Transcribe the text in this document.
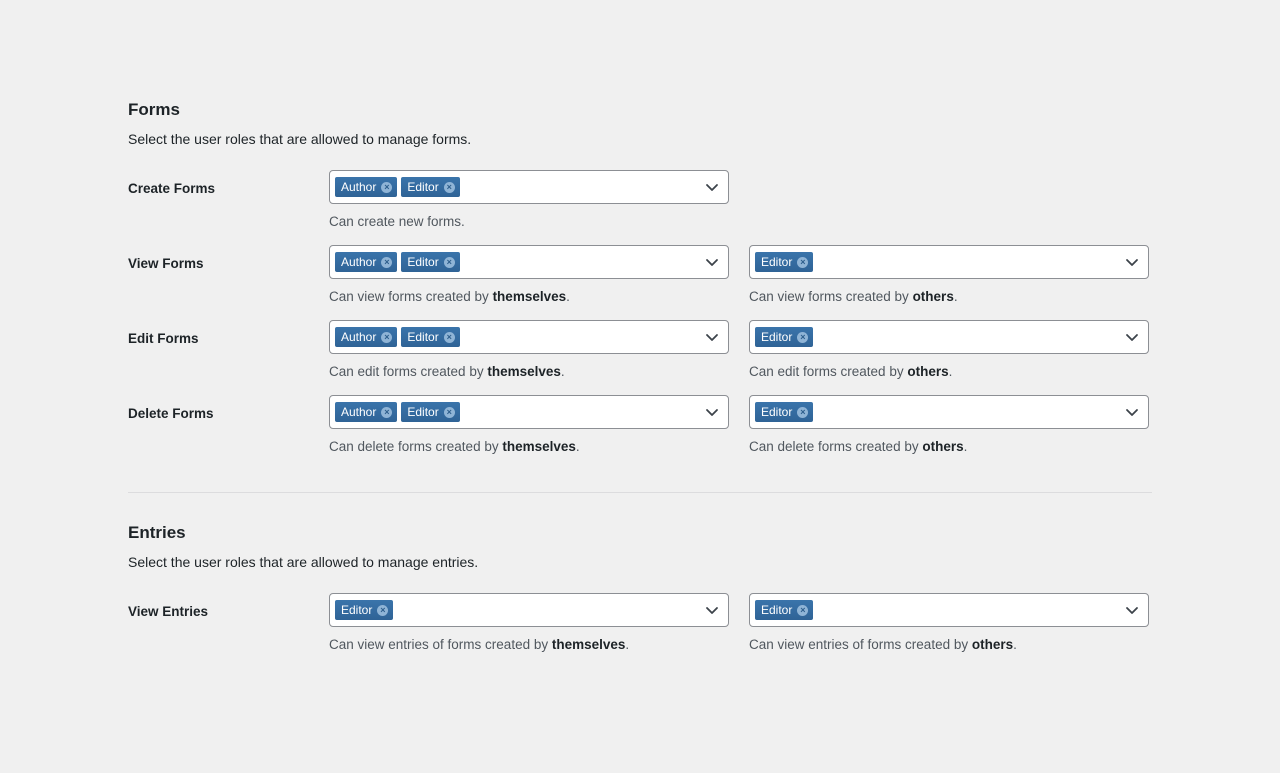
Forms

Select the user roles that are allowed to manage forms.

Create Forms	Author × Editor ×
Can create new forms.
View Forms	Author × Editor ×
Can view forms created by themselves.
Editor ×
Can view forms created by others.
Edit Forms	Author × Editor ×
Can edit forms created by themselves.
Editor ×
Can edit forms created by others.
Delete Forms	Author × Editor ×
Can delete forms created by themselves.
Editor ×
Can delete forms created by others.
Entries

Select the user roles that are allowed to manage entries.

View Entries	Editor ×
Can view entries of forms created by themselves.
Editor ×
Can view entries of forms created by others.
